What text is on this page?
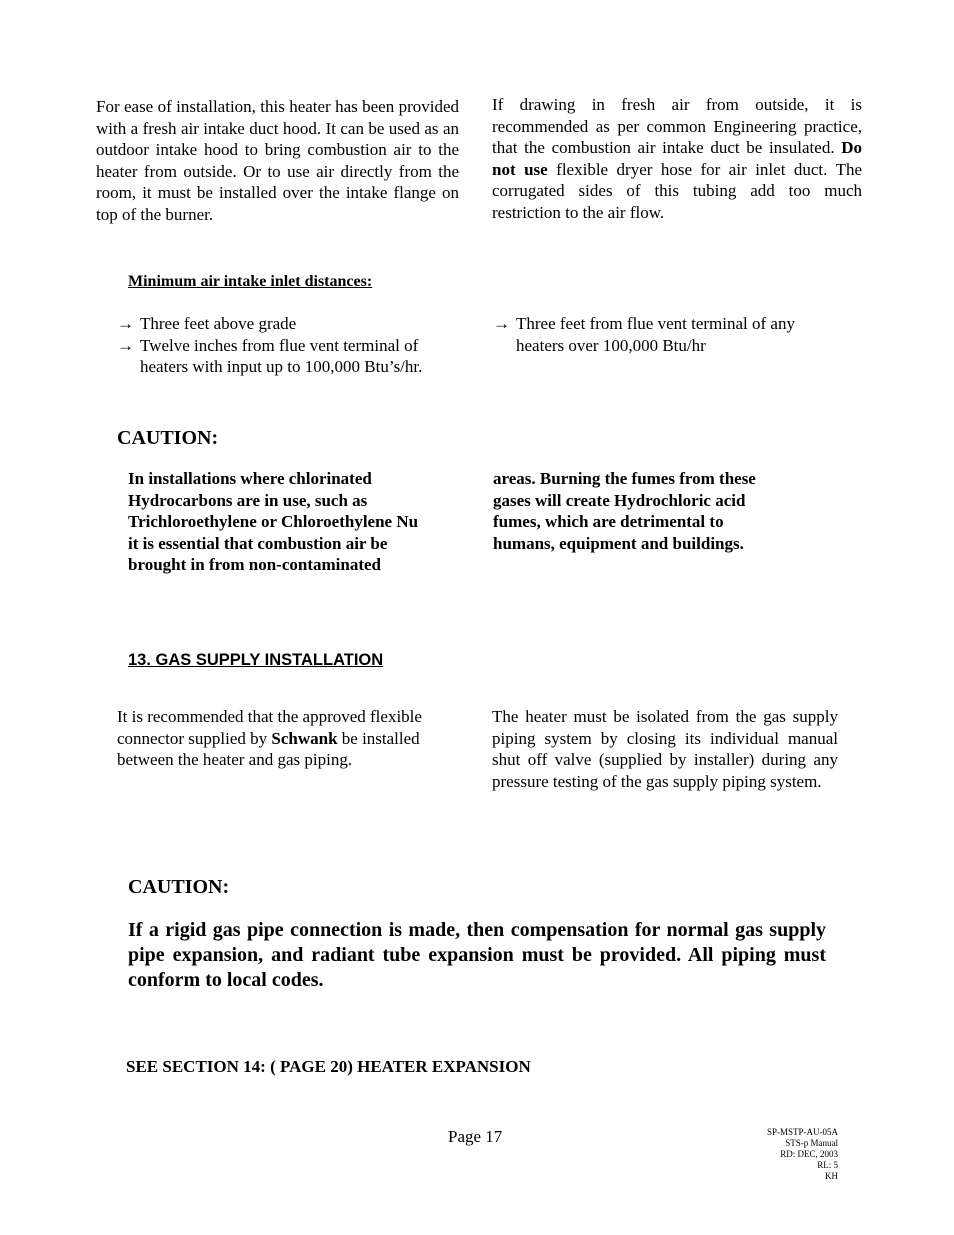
For ease of installation, this heater has been provided with a fresh air intake duct hood. It can be used as an outdoor intake hood to bring combustion air to the heater from outside. Or to use air directly from the room, it must be installed over the intake flange on top of the burner.
If drawing in fresh air from outside, it is recommended as per common Engineering practice, that the combustion air intake duct be insulated. Do not use flexible dryer hose for air inlet duct. The corrugated sides of this tubing add too much restriction to the air flow.
Minimum air intake inlet distances:
→ Three feet above grade
→ Twelve inches from flue vent terminal of heaters with input up to 100,000 Btu’s/hr.
→ Three feet from flue vent terminal of any heaters over 100,000 Btu/hr
CAUTION:
In installations where chlorinated
Hydrocarbons are in use, such as
Trichloroethylene or Chloroethylene Nu
it is essential that combustion air be
brought in from non-contaminated
areas. Burning the fumes from these
gases will create Hydrochloric acid
fumes, which are detrimental to
humans, equipment and buildings.
13. GAS SUPPLY INSTALLATION
It is recommended that the approved flexible connector supplied by Schwank be installed between the heater and gas piping.
The heater must be isolated from the gas supply piping system by closing its individual manual shut off valve (supplied by installer) during any pressure testing of the gas supply piping system.
CAUTION:
If a rigid gas pipe connection is made, then compensation for normal gas supply pipe expansion, and radiant tube expansion must be provided. All piping must conform to local codes.
SEE SECTION 14: ( PAGE 20) HEATER EXPANSION
Page 17	SP-MSTP-AU-05A
STS-p Manual
RD: DEC, 2003
RL: 5
KH
